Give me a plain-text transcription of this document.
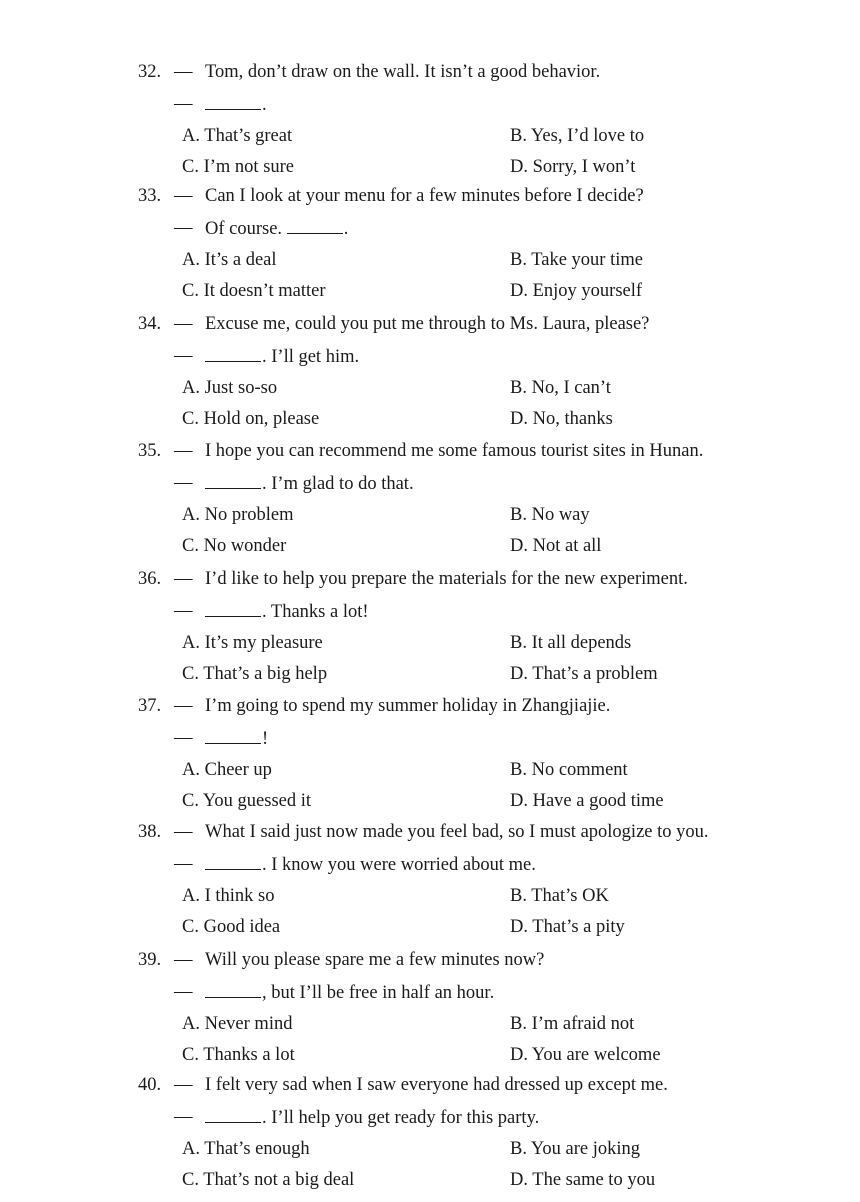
32. — Tom, don’t draw on the wall. It isn’t a good behavior.
—	.
A. That’s great	B. Yes, I’d love to
C. I’m not sure	D. Sorry, I won’t
33. — Can I look at your menu for a few minutes before I decide?
— Of course.	.
A. It’s a deal	B. Take your time
C. It doesn’t matter	D. Enjoy yourself
34. — Excuse me, could you put me through to Ms. Laura, please?
—	. I’ll get him.
A. Just so-so	B. No, I can’t
C. Hold on, please	D. No, thanks
35. — I hope you can recommend me some famous tourist sites in Hunan.
—	. I’m glad to do that.
A. No problem	B. No way
C. No wonder	D. Not at all
36. — I’d like to help you prepare the materials for the new experiment.
—	. Thanks a lot!
A. It’s my pleasure	B. It all depends
C. That’s a big help	D. That’s a problem
37. — I’m going to spend my summer holiday in Zhangjiajie.
—	!
A. Cheer up	B. No comment
C. You guessed it	D. Have a good time
38. — What I said just now made you feel bad, so I must apologize to you.
—	. I know you were worried about me.
A. I think so	B. That’s OK
C. Good idea	D. That’s a pity
39. — Will you please spare me a few minutes now?
—	, but I’ll be free in half an hour.
A. Never mind	B. I’m afraid not
C. Thanks a lot	D. You are welcome
40. — I felt very sad when I saw everyone had dressed up except me.
—	. I’ll help you get ready for this party.
A. That’s enough	B. You are joking
C. That’s not a big deal	D. The same to you
